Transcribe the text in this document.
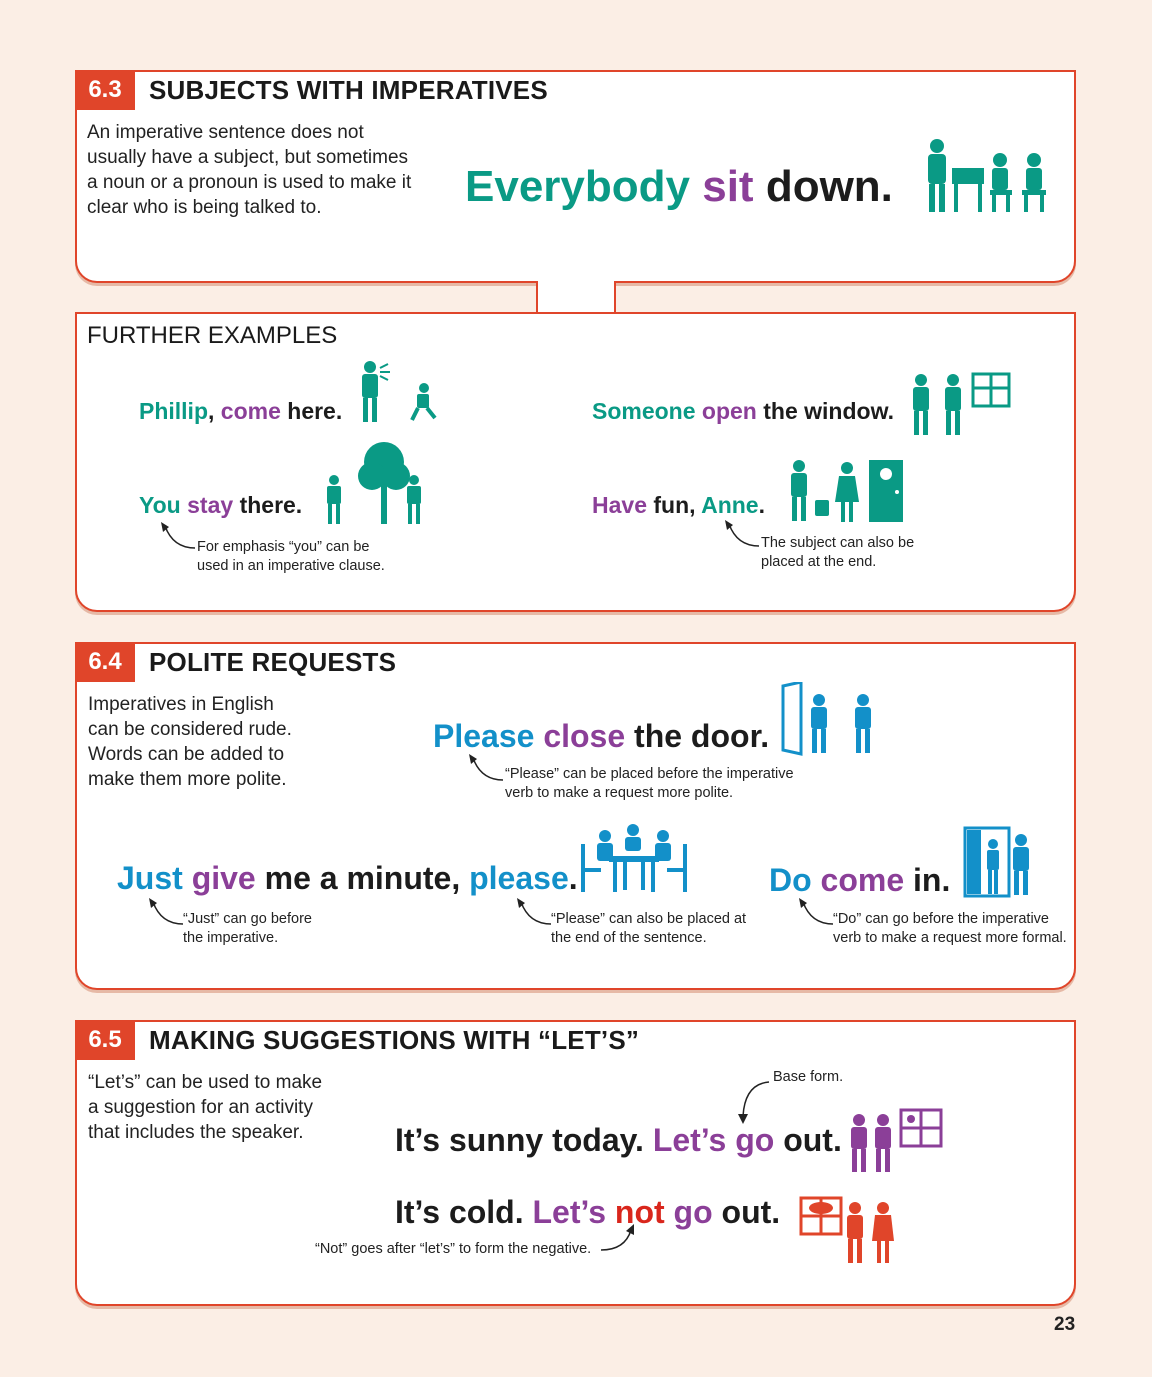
6.3	SUBJECTS WITH IMPERATIVES
An imperative sentence does not usually have a subject, but sometimes a noun or a pronoun is used to make it clear who is being talked to.	Everybody sit down.
FURTHER EXAMPLES
Phillip, come here.	Someone open the window.
You stay there.	Have fun, Anne.
For emphasis “you” can be used in an imperative clause.
The subject can also be placed at the end.
6.4	POLITE REQUESTS
Imperatives in English can be considered rude. Words can be added to make them more polite.
Please close the door.
“Please” can be placed before the imperative verb to make a request more polite.
Just give me a minute, please.
“Just” can go before the imperative.
“Please” can also be placed at the end of the sentence.
Do come in.
“Do” can go before the imperative verb to make a request more formal.
6.5	MAKING SUGGESTIONS WITH “LET’S”
“Let’s” can be used to make a suggestion for an activity that includes the speaker.
Base form.
It’s sunny today. Let’s go out.
It’s cold. Let’s not go out.
“Not” goes after “let’s” to form the negative.
23
